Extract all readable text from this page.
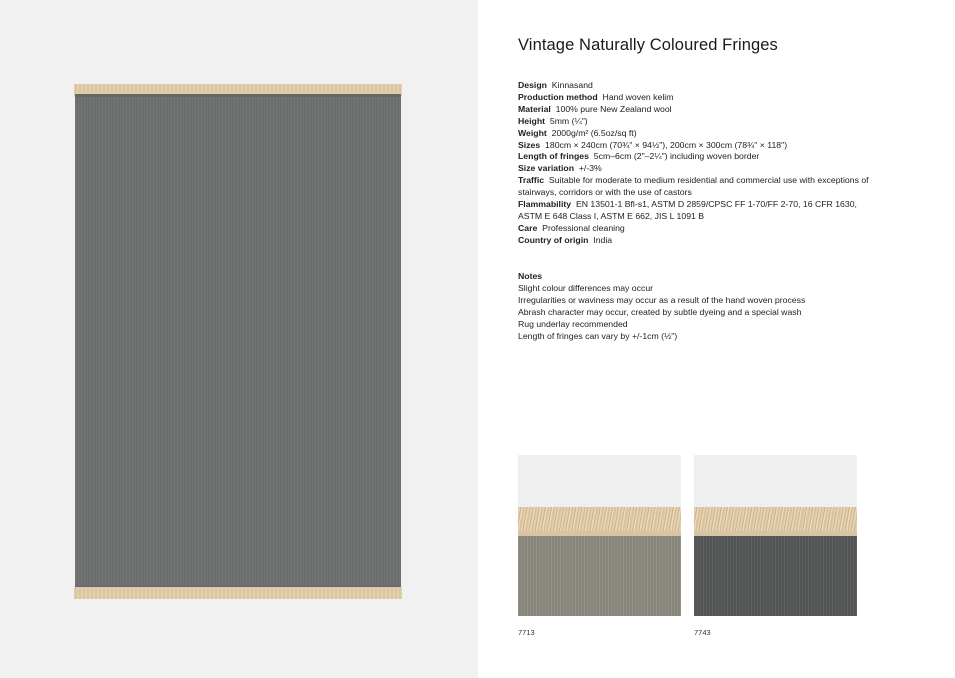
Vintage Naturally Coloured Fringes
Design Kinnasand
Production method Hand woven kelim
Material 100% pure New Zealand wool
Height 5mm (¼")
Weight 2000g/m² (6.5oz/sq ft)
Sizes 180cm × 240cm (70¾" × 94½"), 200cm × 300cm (78¾" × 118")
Length of fringes 5cm–6cm (2"–2¼") including woven border
Size variation +/-3%
Traffic Suitable for moderate to medium residential and commercial use with exceptions of stairways, corridors or with the use of castors
Flammability EN 13501-1 Bfl-s1, ASTM D 2859/CPSC FF 1-70/FF 2-70, 16 CFR 1630, ASTM E 648 Class I, ASTM E 662, JIS L 1091 B
Care Professional cleaning
Country of origin India
Notes
Slight colour differences may occur
Irregularities or waviness may occur as a result of the hand woven process
Abrash character may occur, created by subtle dyeing and a special wash
Rug underlay recommended
Length of fringes can vary by +/-1cm (½")
7713	7743
